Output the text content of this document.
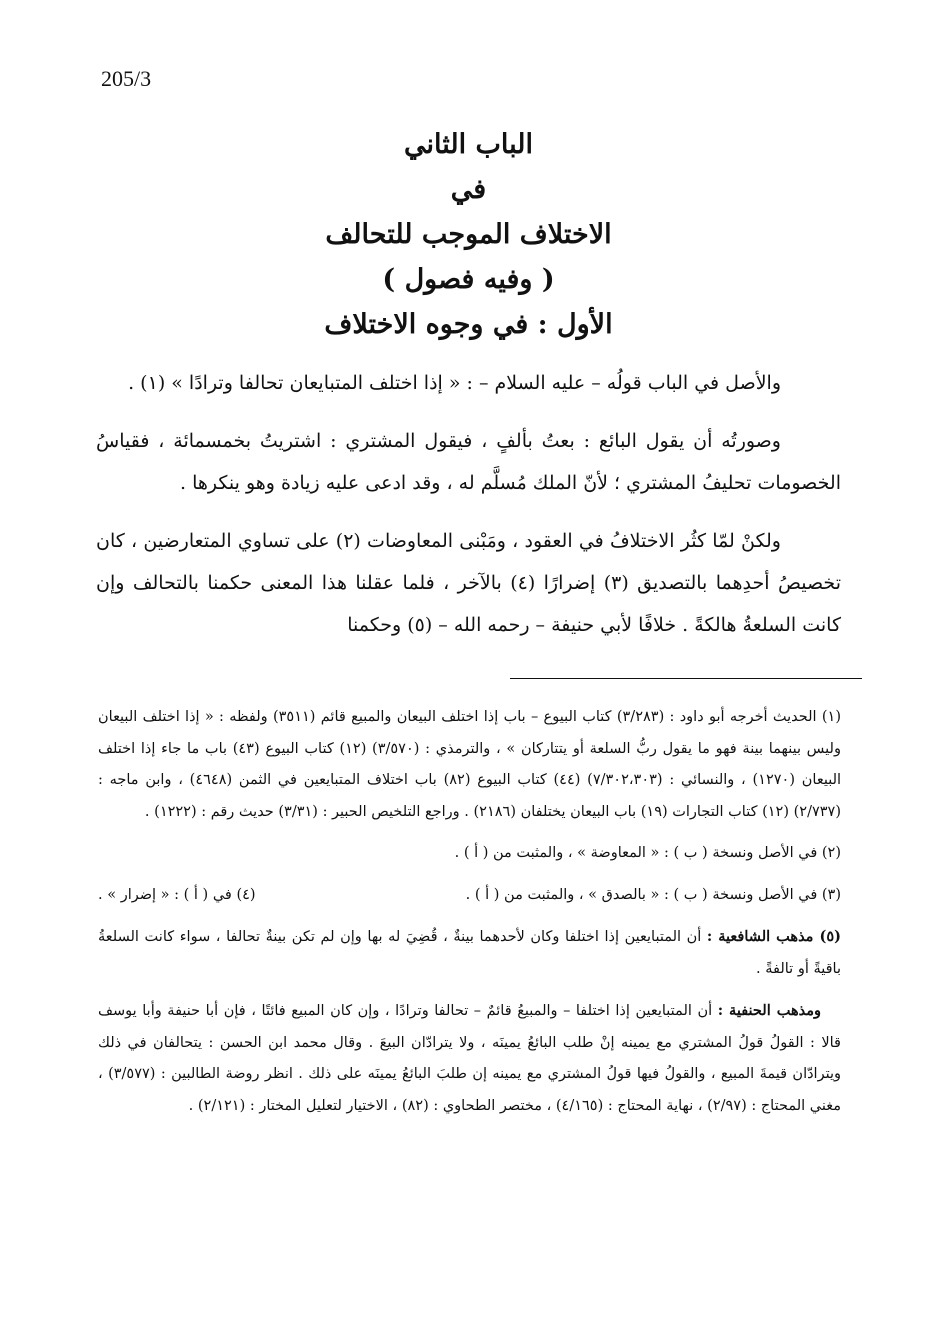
205/3
الباب الثاني
في
الاختلاف الموجب للتحالف
( وفيه فصول )
الأول : في وجوه الاختلاف

والأصل في الباب قولُه – عليه السلام – : « إذا اختلف المتبايعان تحالفا وترادًا » (١) .

وصورتُه أن يقول البائع : بعتُ بألفٍ ، فيقول المشتري : اشتريتُ بخمسمائة ، فقياسُ الخصومات تحليفُ المشتري ؛ لأنّ الملك مُسلَّم له ، وقد ادعى عليه زيادة وهو ينكرها .

ولكنْ لمّا كثُر الاختلافُ في العقود ، ومَبْنى المعاوضات (٢) على تساوي المتعارضين ، كان تخصيصُ أحدِهما بالتصديق (٣) إضرارًا (٤) بالآخر ، فلما عقلنا هذا المعنى حكمنا بالتحالف وإن كانت السلعةُ هالكةً . خلافًا لأبي حنيفة – رحمه الله – (٥) وحكمنا

(١) الحديث أخرجه أبو داود : (٣/٢٨٣) كتاب البيوع – باب إذا اختلف البيعان والمبيع قائم (٣٥١١) ولفظه : « إذا اختلف البيعان وليس بينهما بينة فهو ما يقول ربُّ السلعة أو يتتاركان » ، والترمذي : (٣/٥٧٠) (١٢) كتاب البيوع (٤٣) باب ما جاء إذا اختلف البيعان (١٢٧٠) ، والنسائي : (٧/٣٠٢،٣٠٣) (٤٤) كتاب البيوع (٨٢) باب اختلاف المتبايعين في الثمن (٤٦٤٨) ، وابن ماجه : (٢/٧٣٧) (١٢) كتاب التجارات (١٩) باب البيعان يختلفان (٢١٨٦) . وراجع التلخيص الحبير : (٣/٣١) حديث رقم : (١٢٢٢) .

(٢) في الأصل ونسخة ( ب ) : « المعاوضة » ، والمثبت من ( أ ) .

(٣) في الأصل ونسخة ( ب ) : « بالصدق » ، والمثبت من ( أ ) .
(٤) في ( أ ) : « إضرار » .

(٥) مذهب الشافعية : أن المتبايعين إذا اختلفا وكان لأحدهما بينةٌ ، قُضِيَ له بها وإن لم تكن بينةٌ تحالفا ، سواء كانت السلعةُ باقيةً أو تالفةً .

ومذهب الحنفية : أن المتبايعين إذا اختلفا – والمبيعُ قائمٌ – تحالفا وترادًا ، وإن كان المبيع فائتًا ، فإن أبا حنيفة وأبا يوسف قالا : القولُ قولُ المشتري مع يمينه إنْ طلب البائعُ يمينَه ، ولا يترادّان البيعَ . وقال محمد ابن الحسن : يتحالفان في ذلك ويترادّان قيمةَ المبيع ، والقولُ فيها قولُ المشتري مع يمينه إن طلبَ البائعُ يمينَه على ذلك . انظر روضة الطالبين : (٣/٥٧٧) ، مغني المحتاج : (٢/٩٧) ، نهاية المحتاج : (٤/١٦٥) ، مختصر الطحاوي : (٨٢) ، الاختيار لتعليل المختار : (٢/١٢١) .
